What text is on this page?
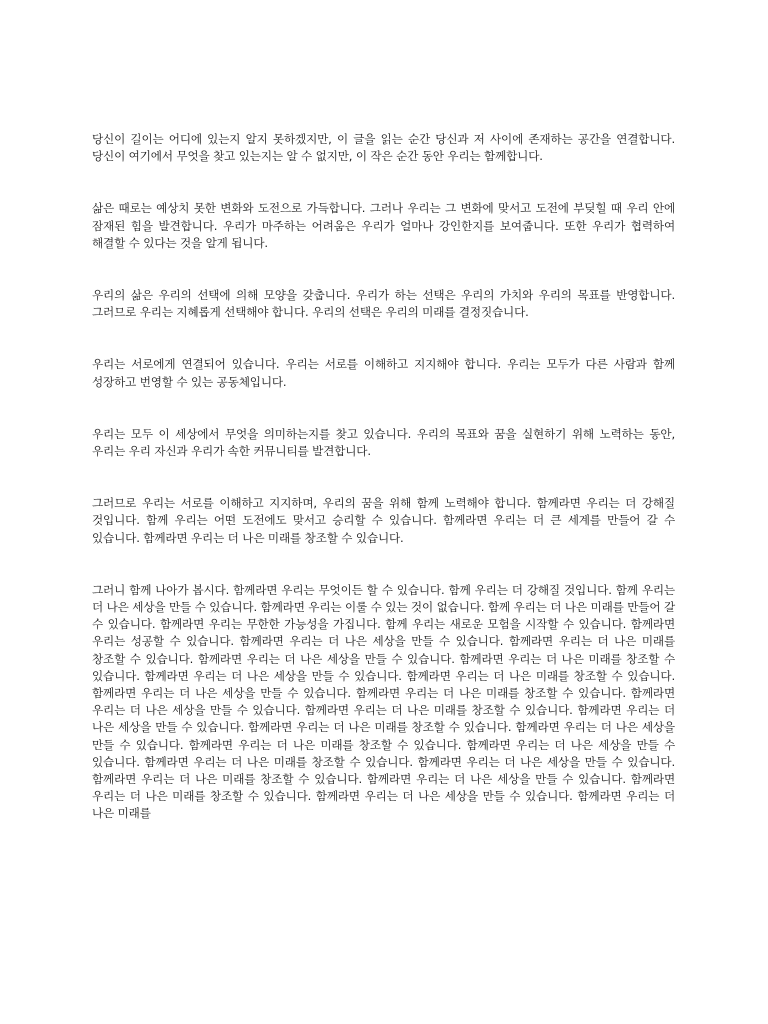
당신이 길이는 어디에 있는지 알지 못하겠지만, 이 글을 읽는 순간 당신과 저 사이에 존재하는 공간을 연결합니다. 당신이 여기에서 무엇을 찾고 있는지는 알 수 없지만, 이 작은 순간 동안 우리는 함께합니다.

삶은 때로는 예상치 못한 변화와 도전으로 가득합니다. 그러나 우리는 그 변화에 맞서고 도전에 부딪힐 때 우리 안에 잠재된 힘을 발견합니다. 우리가 마주하는 어려움은 우리가 얼마나 강인한지를 보여줍니다. 또한 우리가 협력하여 해결할 수 있다는 것을 알게 됩니다.

우리의 삶은 우리의 선택에 의해 모양을 갖춥니다. 우리가 하는 선택은 우리의 가치와 우리의 목표를 반영합니다. 그러므로 우리는 지혜롭게 선택해야 합니다. 우리의 선택은 우리의 미래를 결정짓습니다.

우리는 서로에게 연결되어 있습니다. 우리는 서로를 이해하고 지지해야 합니다. 우리는 모두가 다른 사람과 함께 성장하고 번영할 수 있는 공동체입니다.

우리는 모두 이 세상에서 무엇을 의미하는지를 찾고 있습니다. 우리의 목표와 꿈을 실현하기 위해 노력하는 동안, 우리는 우리 자신과 우리가 속한 커뮤니티를 발견합니다.

그러므로 우리는 서로를 이해하고 지지하며, 우리의 꿈을 위해 함께 노력해야 합니다. 함께라면 우리는 더 강해질 것입니다. 함께 우리는 어떤 도전에도 맞서고 승리할 수 있습니다. 함께라면 우리는 더 큰 세계를 만들어 갈 수 있습니다. 함께라면 우리는 더 나은 미래를 창조할 수 있습니다.

그러니 함께 나아가 봅시다. 함께라면 우리는 무엇이든 할 수 있습니다. 함께 우리는 더 강해질 것입니다. 함께 우리는 더 나은 세상을 만들 수 있습니다. 함께라면 우리는 이룰 수 있는 것이 없습니다. 함께 우리는 더 나은 미래를 만들어 갈 수 있습니다. 함께라면 우리는 무한한 가능성을 가집니다. 함께 우리는 새로운 모험을 시작할 수 있습니다. 함께라면 우리는 성공할 수 있습니다. 함께라면 우리는 더 나은 세상을 만들 수 있습니다. 함께라면 우리는 더 나은 미래를 창조할 수 있습니다. 함께라면 우리는 더 나은 세상을 만들 수 있습니다. 함께라면 우리는 더 나은 미래를 창조할 수 있습니다. 함께라면 우리는 더 나은 세상을 만들 수 있습니다. 함께라면 우리는 더 나은 미래를 창조할 수 있습니다. 함께라면 우리는 더 나은 세상을 만들 수 있습니다. 함께라면 우리는 더 나은 미래를 창조할 수 있습니다. 함께라면 우리는 더 나은 세상을 만들 수 있습니다. 함께라면 우리는 더 나은 미래를 창조할 수 있습니다. 함께라면 우리는 더 나은 세상을 만들 수 있습니다. 함께라면 우리는 더 나은 미래를 창조할 수 있습니다. 함께라면 우리는 더 나은 세상을 만들 수 있습니다. 함께라면 우리는 더 나은 미래를 창조할 수 있습니다. 함께라면 우리는 더 나은 세상을 만들 수 있습니다. 함께라면 우리는 더 나은 미래를 창조할 수 있습니다. 함께라면 우리는 더 나은 세상을 만들 수 있습니다. 함께라면 우리는 더 나은 미래를 창조할 수 있습니다. 함께라면 우리는 더 나은 세상을 만들 수 있습니다. 함께라면 우리는 더 나은 미래를 창조할 수 있습니다. 함께라면 우리는 더 나은 세상을 만들 수 있습니다. 함께라면 우리는 더 나은 미래를
